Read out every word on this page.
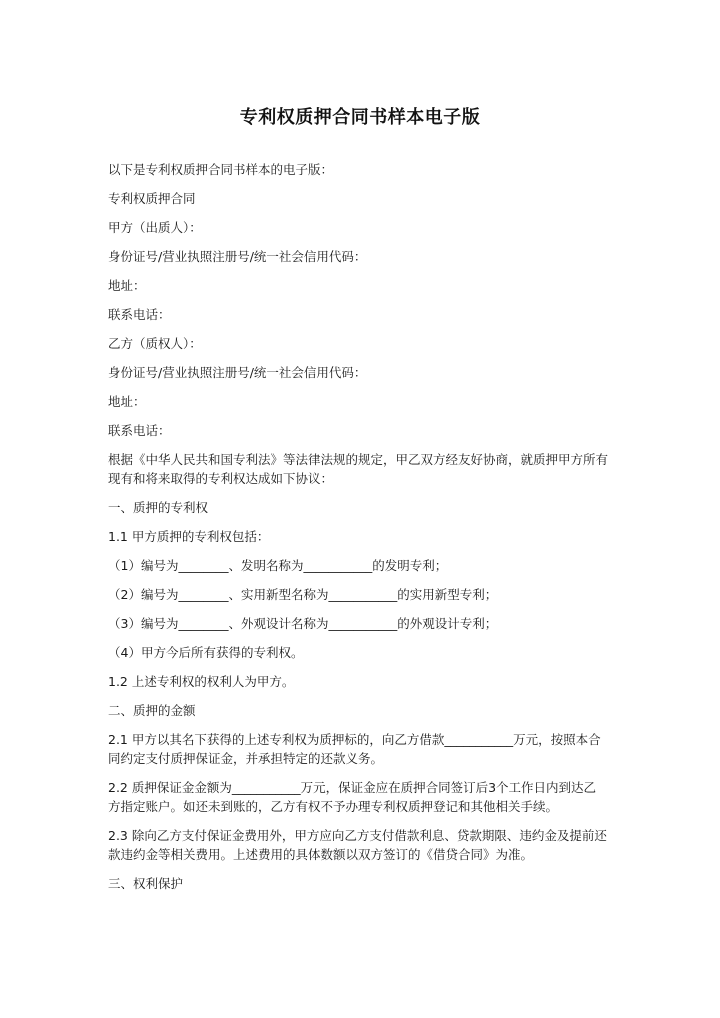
专利权质押合同书样本电子版

以下是专利权质押合同书样本的电子版：

专利权质押合同

甲方（出质人）：

身份证号/营业执照注册号/统一社会信用代码：

地址：

联系电话：

乙方（质权人）：

身份证号/营业执照注册号/统一社会信用代码：

地址：

联系电话：

根据《中华人民共和国专利法》等法律法规的规定，甲乙双方经友好协商，就质押甲方所有现有和将来取得的专利权达成如下协议：

一、质押的专利权

1.1 甲方质押的专利权包括：

（1）编号为________、发明名称为___________的发明专利；

（2）编号为________、实用新型名称为___________的实用新型专利；

（3）编号为________、外观设计名称为___________的外观设计专利；

（4）甲方今后所有获得的专利权。

1.2 上述专利权的权利人为甲方。

二、质押的金额

2.1 甲方以其名下获得的上述专利权为质押标的，向乙方借款___________万元，按照本合同约定支付质押保证金，并承担特定的还款义务。

2.2 质押保证金金额为___________万元，保证金应在质押合同签订后3个工作日内到达乙方指定账户。如还未到账的，乙方有权不予办理专利权质押登记和其他相关手续。

2.3 除向乙方支付保证金费用外，甲方应向乙方支付借款利息、贷款期限、违约金及提前还款违约金等相关费用。上述费用的具体数额以双方签订的《借贷合同》为准。

三、权利保护
